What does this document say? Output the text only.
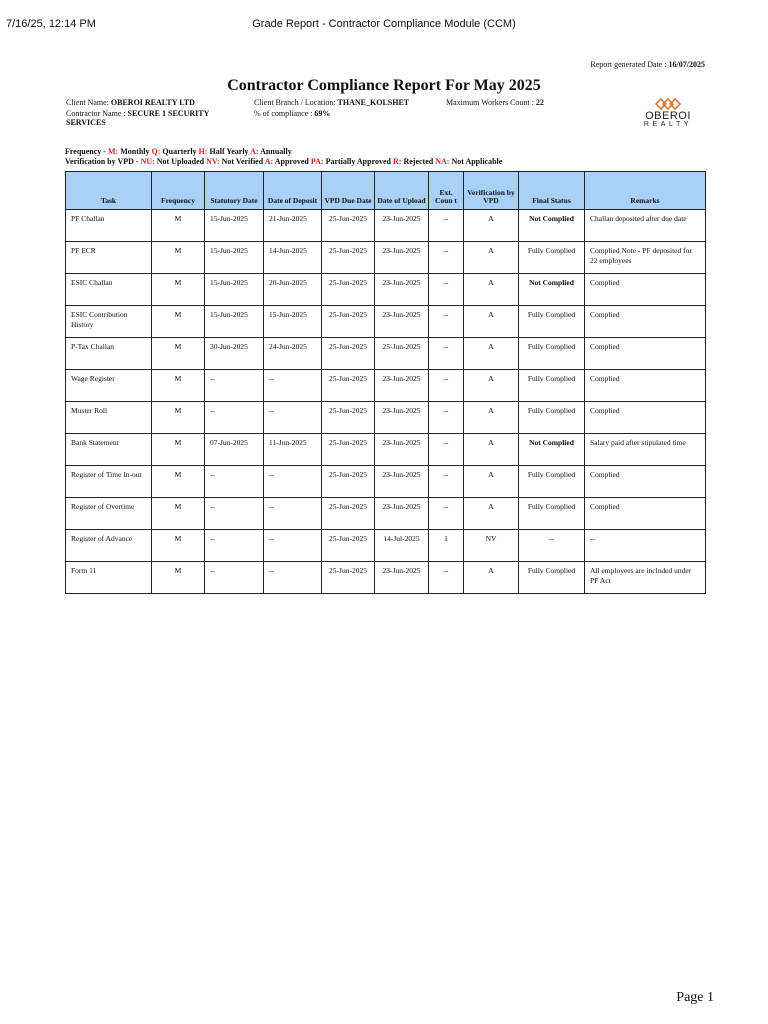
7/16/25, 12:14 PM	Grade Report - Contractor Compliance Module (CCM)
Report generated Date : 16/07/2025
Contractor Compliance Report For May 2025
Client Name: OBEROI REALTY LTD	Client Branch / Location: THANE_KOLSHET	Maximum Workers Count : 22
Contractor Name : SECURE 1 SECURITY
SERVICES
% of compliance : 69%	OBEROI
REALTY
Frequency - M: Monthly Q: Quarterly H: Half Yearly A: Annually
Verification by VPD - NU: Not Uploaded NV: Not Verified A: Approved PA: Partially Approved R: Rejected NA: Not Applicable
Task	Frequency	Statutory Date	Date of Deposit	VPD Due Date	Date of Upload	Ext. Coun t	Verification by VPD	Final Status	Remarks
PF Challan	M	15-Jun-2025	21-Jun-2025	25-Jun-2025	23-Jun-2025	--	A	Not Complied	Challan deposited after due date
PF ECR	M	15-Jun-2025	14-Jun-2025	25-Jun-2025	23-Jun-2025	--	A	Fully Complied	Complied Note - PF deposited for 22 employees
ESIC Challan	M	15-Jun-2025	20-Jun-2025	25-Jun-2025	23-Jun-2025	--	A	Not Complied	Complied
ESIC Contribution History	M	15-Jun-2025	15-Jun-2025	25-Jun-2025	23-Jun-2025	--	A	Fully Complied	Complied
P-Tax Challan	M	30-Jun-2025	24-Jun-2025	25-Jun-2025	25-Jun-2025	--	A	Fully Complied	Complied
Wage Register	M	--	--	25-Jun-2025	23-Jun-2025	--	A	Fully Complied	Complied
Muster Roll	M	--	--	25-Jun-2025	23-Jun-2025	--	A	Fully Complied	Complied
Bank Statement	M	07-Jun-2025	11-Jun-2025	25-Jun-2025	23-Jun-2025	--	A	Not Complied	Salary paid after stipulated time
Register of Time In-out	M	--	--	25-Jun-2025	23-Jun-2025	--	A	Fully Complied	Complied
Register of Overtime	M	--	--	25-Jun-2025	23-Jun-2025	--	A	Fully Complied	Complied
Register of Advance	M	--	--	25-Jun-2025	14-Jul-2025	1	NV	--	--
Form 11	M	--	--	25-Jun-2025	23-Jun-2025	--	A	Fully Complied	All employees are included under PF Act
Page 1
